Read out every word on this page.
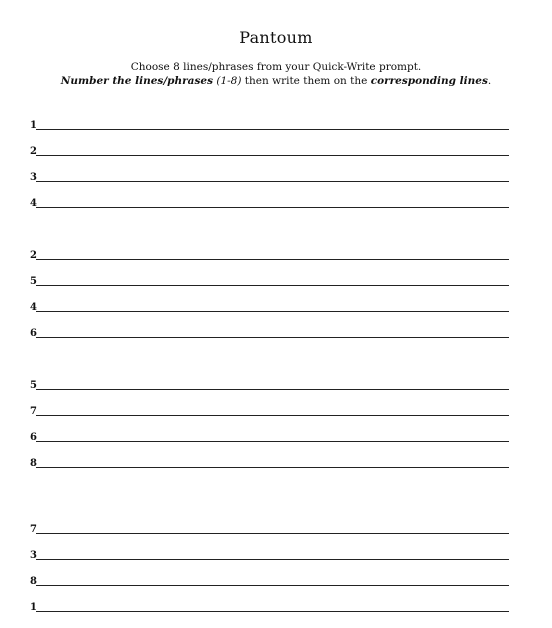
Pantoum
Choose 8 lines/phrases from your Quick-Write prompt.
Number the lines/phrases (1-8) then write them on the corresponding lines.
1
2
3
4
2
5
4
6
5
7
6
8
7
3
8
1
